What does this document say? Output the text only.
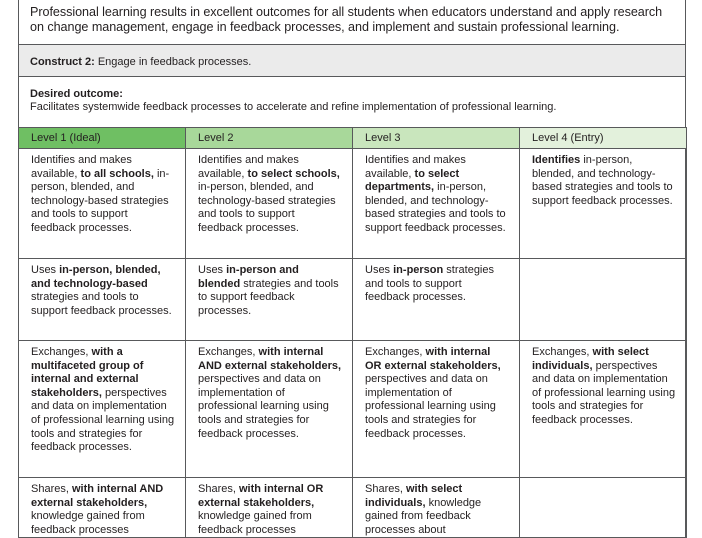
Professional learning results in excellent outcomes for all students when educators understand and apply research on change management, engage in feedback processes, and implement and sustain professional learning.
Construct 2: Engage in feedback processes.
Desired outcome:
Facilitates systemwide feedback processes to accelerate and refine implementation of professional learning.
Level 1 (Ideal)	Level 2	Level 3	Level 4 (Entry)
Identifies and makes available, to all schools, in-person, blended, and technology-based strategies and tools to support feedback processes.	Identifies and makes available, to select schools, in-person, blended, and technology-based strategies and tools to support feedback processes.	Identifies and makes available, to select departments, in-person, blended, and technology-based strategies and tools to support feedback processes.	Identifies in-person, blended, and technology-based strategies and tools to support feedback processes.
Uses in-person, blended, and technology-based strategies and tools to support feedback processes.	Uses in-person and blended strategies and tools to support feedback processes.	Uses in-person strategies and tools to support feedback processes.	
Exchanges, with a multifaceted group of internal and external stakeholders, perspectives and data on implementation of professional learning using tools and strategies for feedback processes.	Exchanges, with internal AND external stakeholders, perspectives and data on implementation of professional learning using tools and strategies for feedback processes.	Exchanges, with internal OR external stakeholders, perspectives and data on implementation of professional learning using tools and strategies for feedback processes.	Exchanges, with select individuals, perspectives and data on implementation of professional learning using tools and strategies for feedback processes.
Shares, with internal AND external stakeholders, knowledge gained from feedback processes	Shares, with internal OR external stakeholders, knowledge gained from feedback processes	Shares, with select individuals, knowledge gained from feedback processes about	
